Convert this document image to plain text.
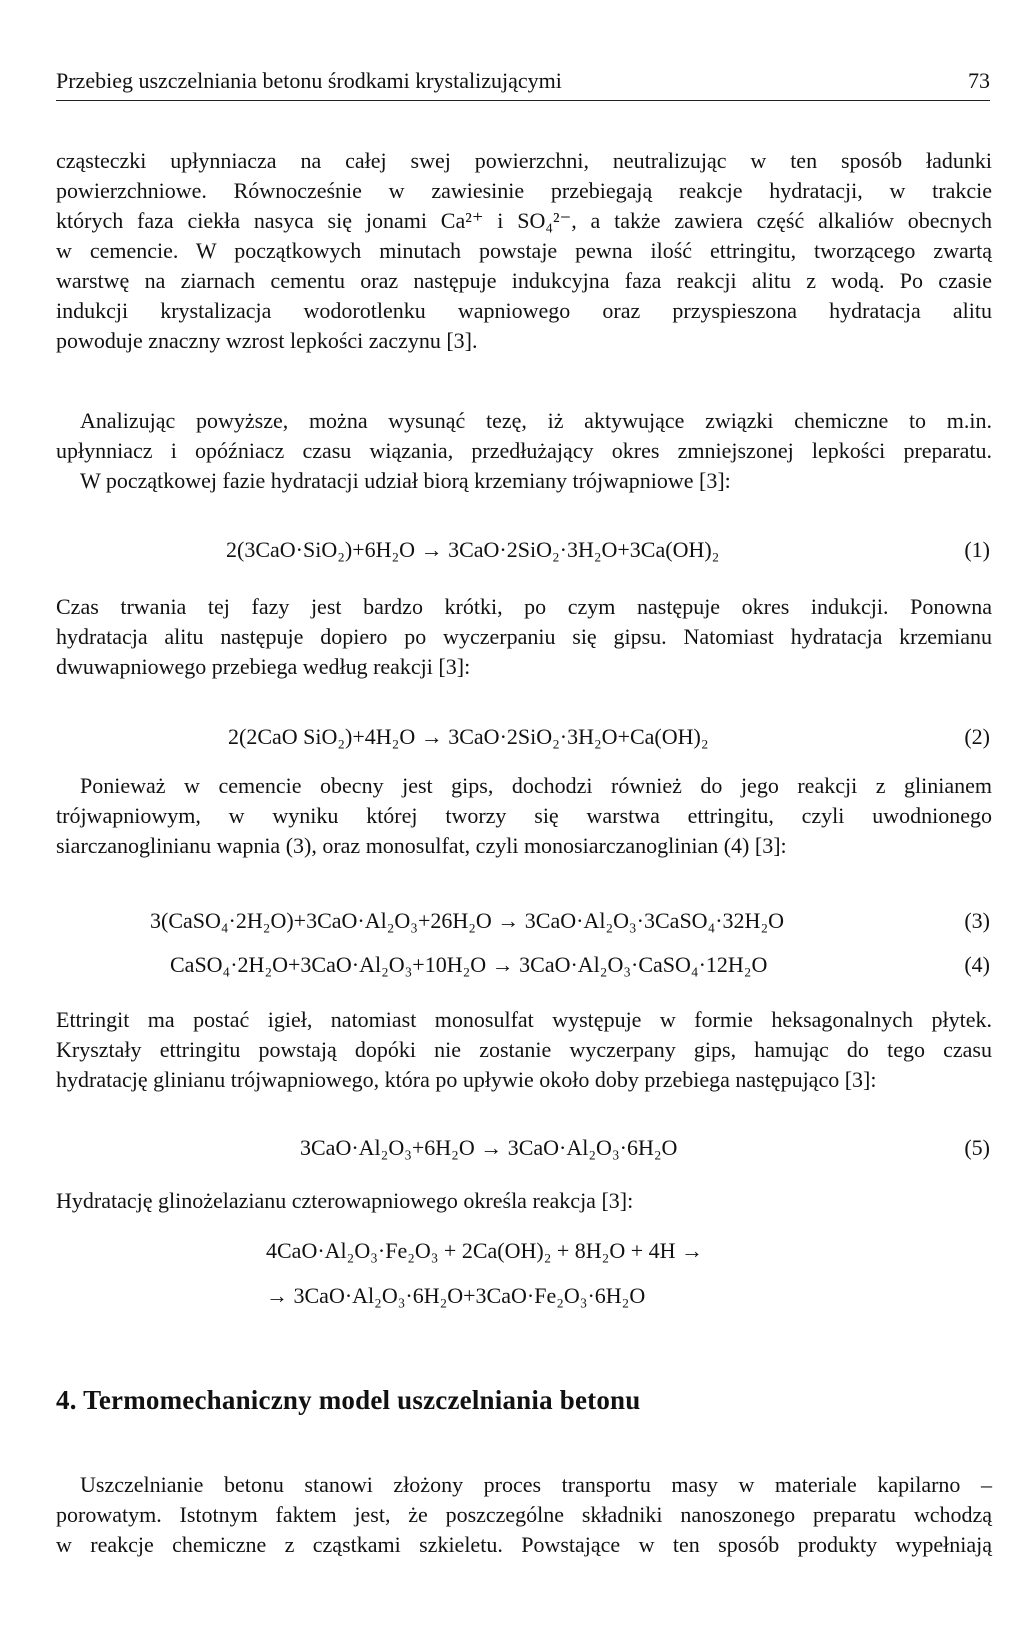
Przebieg uszczelniania betonu środkami krystalizującymi	73
cząsteczki upłynniacza na całej swej powierzchni, neutralizując w ten sposób ładunki
powierzchniowe. Równocześnie w zawiesinie przebiegają reakcje hydratacji, w trakcie
których faza ciekła nasyca się jonami Ca²⁺ i SO₄²⁻, a także zawiera część alkaliów obecnych
w cemencie. W początkowych minutach powstaje pewna ilość ettringitu, tworzącego zwartą
warstwę na ziarnach cementu oraz następuje indukcyjna faza reakcji alitu z wodą. Po czasie
indukcji krystalizacja wodorotlenku wapniowego oraz przyspieszona hydratacja alitu
powoduje znaczny wzrost lepkości zaczynu [3].
Analizując powyższe, można wysunąć tezę, iż aktywujące związki chemiczne to m.in.
upłynniacz i opóźniacz czasu wiązania, przedłużający okres zmniejszonej lepkości preparatu.
W początkowej fazie hydratacji udział biorą krzemiany trójwapniowe [3]:
2(3CaO·SiO₂)+6H₂O → 3CaO·2SiO₂·3H₂O+3Ca(OH)₂	(1)
Czas trwania tej fazy jest bardzo krótki, po czym następuje okres indukcji. Ponowna
hydratacja alitu następuje dopiero po wyczerpaniu się gipsu. Natomiast hydratacja krzemianu
dwuwapniowego przebiega według reakcji [3]:
2(2CaO SiO₂)+4H₂O → 3CaO·2SiO₂·3H₂O+Ca(OH)₂	(2)
Ponieważ w cemencie obecny jest gips, dochodzi również do jego reakcji z glinianem
trójwapniowym, w wyniku której tworzy się warstwa ettringitu, czyli uwodnionego
siarczanoglinianu wapnia (3), oraz monosulfat, czyli monosiarczanoglinian (4) [3]:
3(CaSO₄·2H₂O)+3CaO·Al₂O₃+26H₂O → 3CaO·Al₂O₃·3CaSO₄·32H₂O	(3)
CaSO₄·2H₂O+3CaO·Al₂O₃+10H₂O → 3CaO·Al₂O₃·CaSO₄·12H₂O	(4)
Ettringit ma postać igieł, natomiast monosulfat występuje w formie heksagonalnych płytek.
Kryształy ettringitu powstają dopóki nie zostanie wyczerpany gips, hamując do tego czasu
hydratację glinianu trójwapniowego, która po upływie około doby przebiega następująco [3]:
3CaO·Al₂O₃+6H₂O → 3CaO·Al₂O₃·6H₂O	(5)
Hydratację glinożelazianu czterowapniowego określa reakcja [3]:
4CaO·Al₂O₃·Fe₂O₃ + 2Ca(OH)₂ + 8H₂O + 4H →
→ 3CaO·Al₂O₃·6H₂O+3CaO·Fe₂O₃·6H₂O
4. Termomechaniczny model uszczelniania betonu
Uszczelnianie betonu stanowi złożony proces transportu masy w materiale kapilarno –
porowatym. Istotnym faktem jest, że poszczególne składniki nanoszonego preparatu wchodzą
w reakcje chemiczne z cząstkami szkieletu. Powstające w ten sposób produkty wypełniają
